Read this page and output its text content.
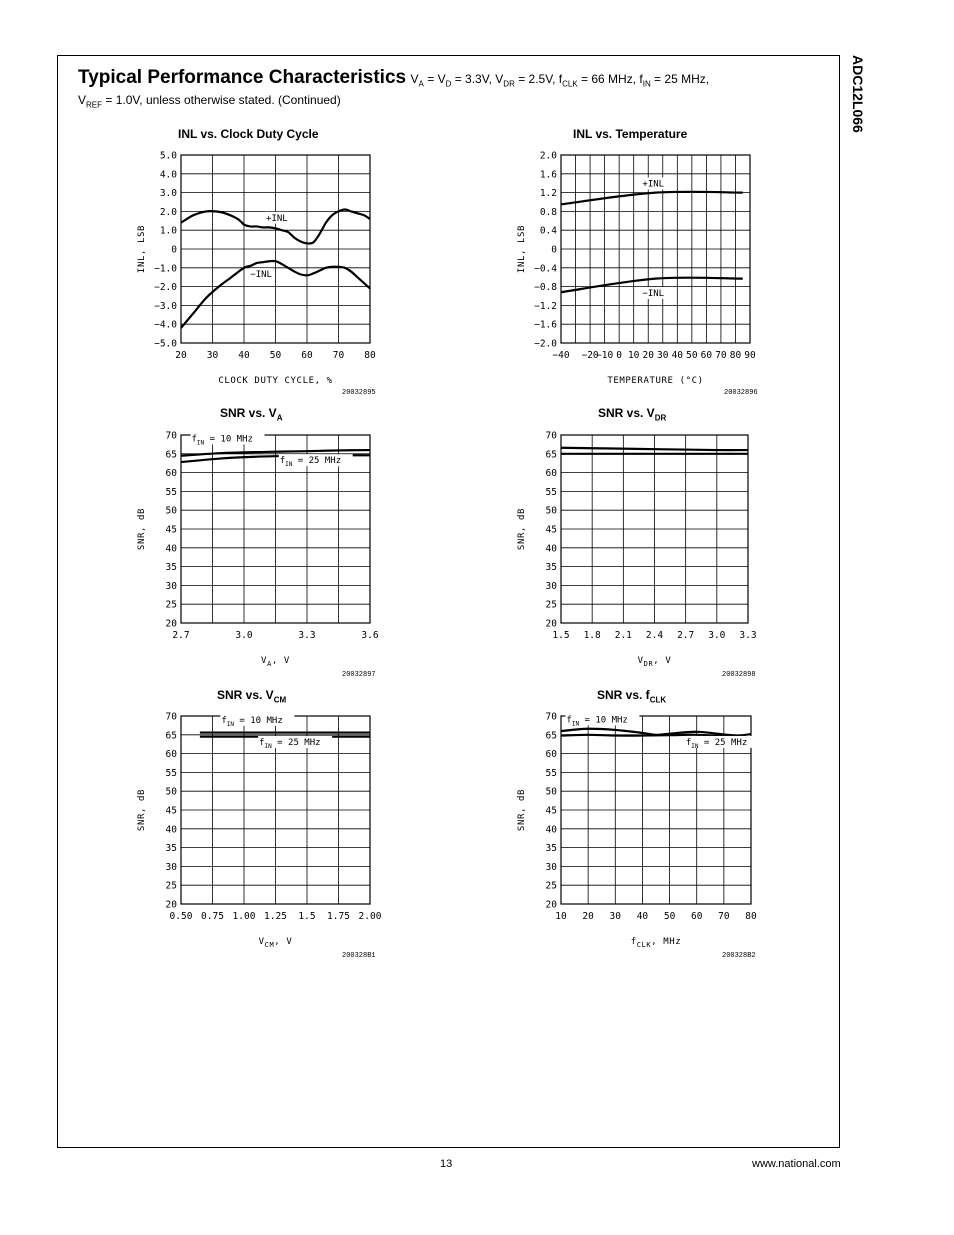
Typical Performance Characteristics $V_A = V_D = 3.3V$, $V_{DR} = 2.5V$, $f_{CLK} = 66$ MHz, $f_{IN} = 25$ MHz,
$V_{REF} = 1.0V$, unless otherwise stated. (Continued)	ADC12L066
13	www.national.com
INL vs. Clock Duty Cycle
5.0
4.0
3.0
2.0
1.0
0
−1.0
−2.0
−3.0
−4.0
−5.0
20 30 40 50 60 70 80
+INL
−INL
CLOCK DUTY CYCLE, %
INL, LSB
20032895
INL vs. Temperature
2.0
1.6
1.2
0.8
0.4
0
−0.4
−0.8
−1.2
−1.6
−2.0
−40 −20
−10 0 10 20 30 40 50 60 70 80 90
+INL
−INL
TEMPERATURE (°C)
INL, LSB
20032896
SNR vs. $V_A$
70
65
60
55
50
45
40
35
30
25
20
2.7	3.0	3.3	3.6
$f_{IN} = 10$ MHz
$f_{IN} = 25$ MHz
$V_A$, V
SNR, dB
20032897
SNR vs. $V_{DR}$
70
65
60
55
50
45
40
35
30
25
20
1.5 1.8 2.1 2.4 2.7 3.0 3.3
$V_{DR}$, V
SNR, dB
20032898
SNR vs. $V_{CM}$
70
65
60
55
50
45
40
35
30
25
20
0.50 0.75 1.00 1.25 1.5 1.75 2.00
$f_{IN} = 10$ MHz
$f_{IN} = 25$ MHz
$V_{CM}$, V
SNR, dB
200328B1
SNR vs. $f_{CLK}$
70
65
60
55
50
45
40
35
30
25
20
10 20 30 40 50 60 70 80
$f_{IN} = 10$ MHz
$f_{IN} = 25$ MHz
$f_{CLK}$, MHz
SNR, dB
200328B2
